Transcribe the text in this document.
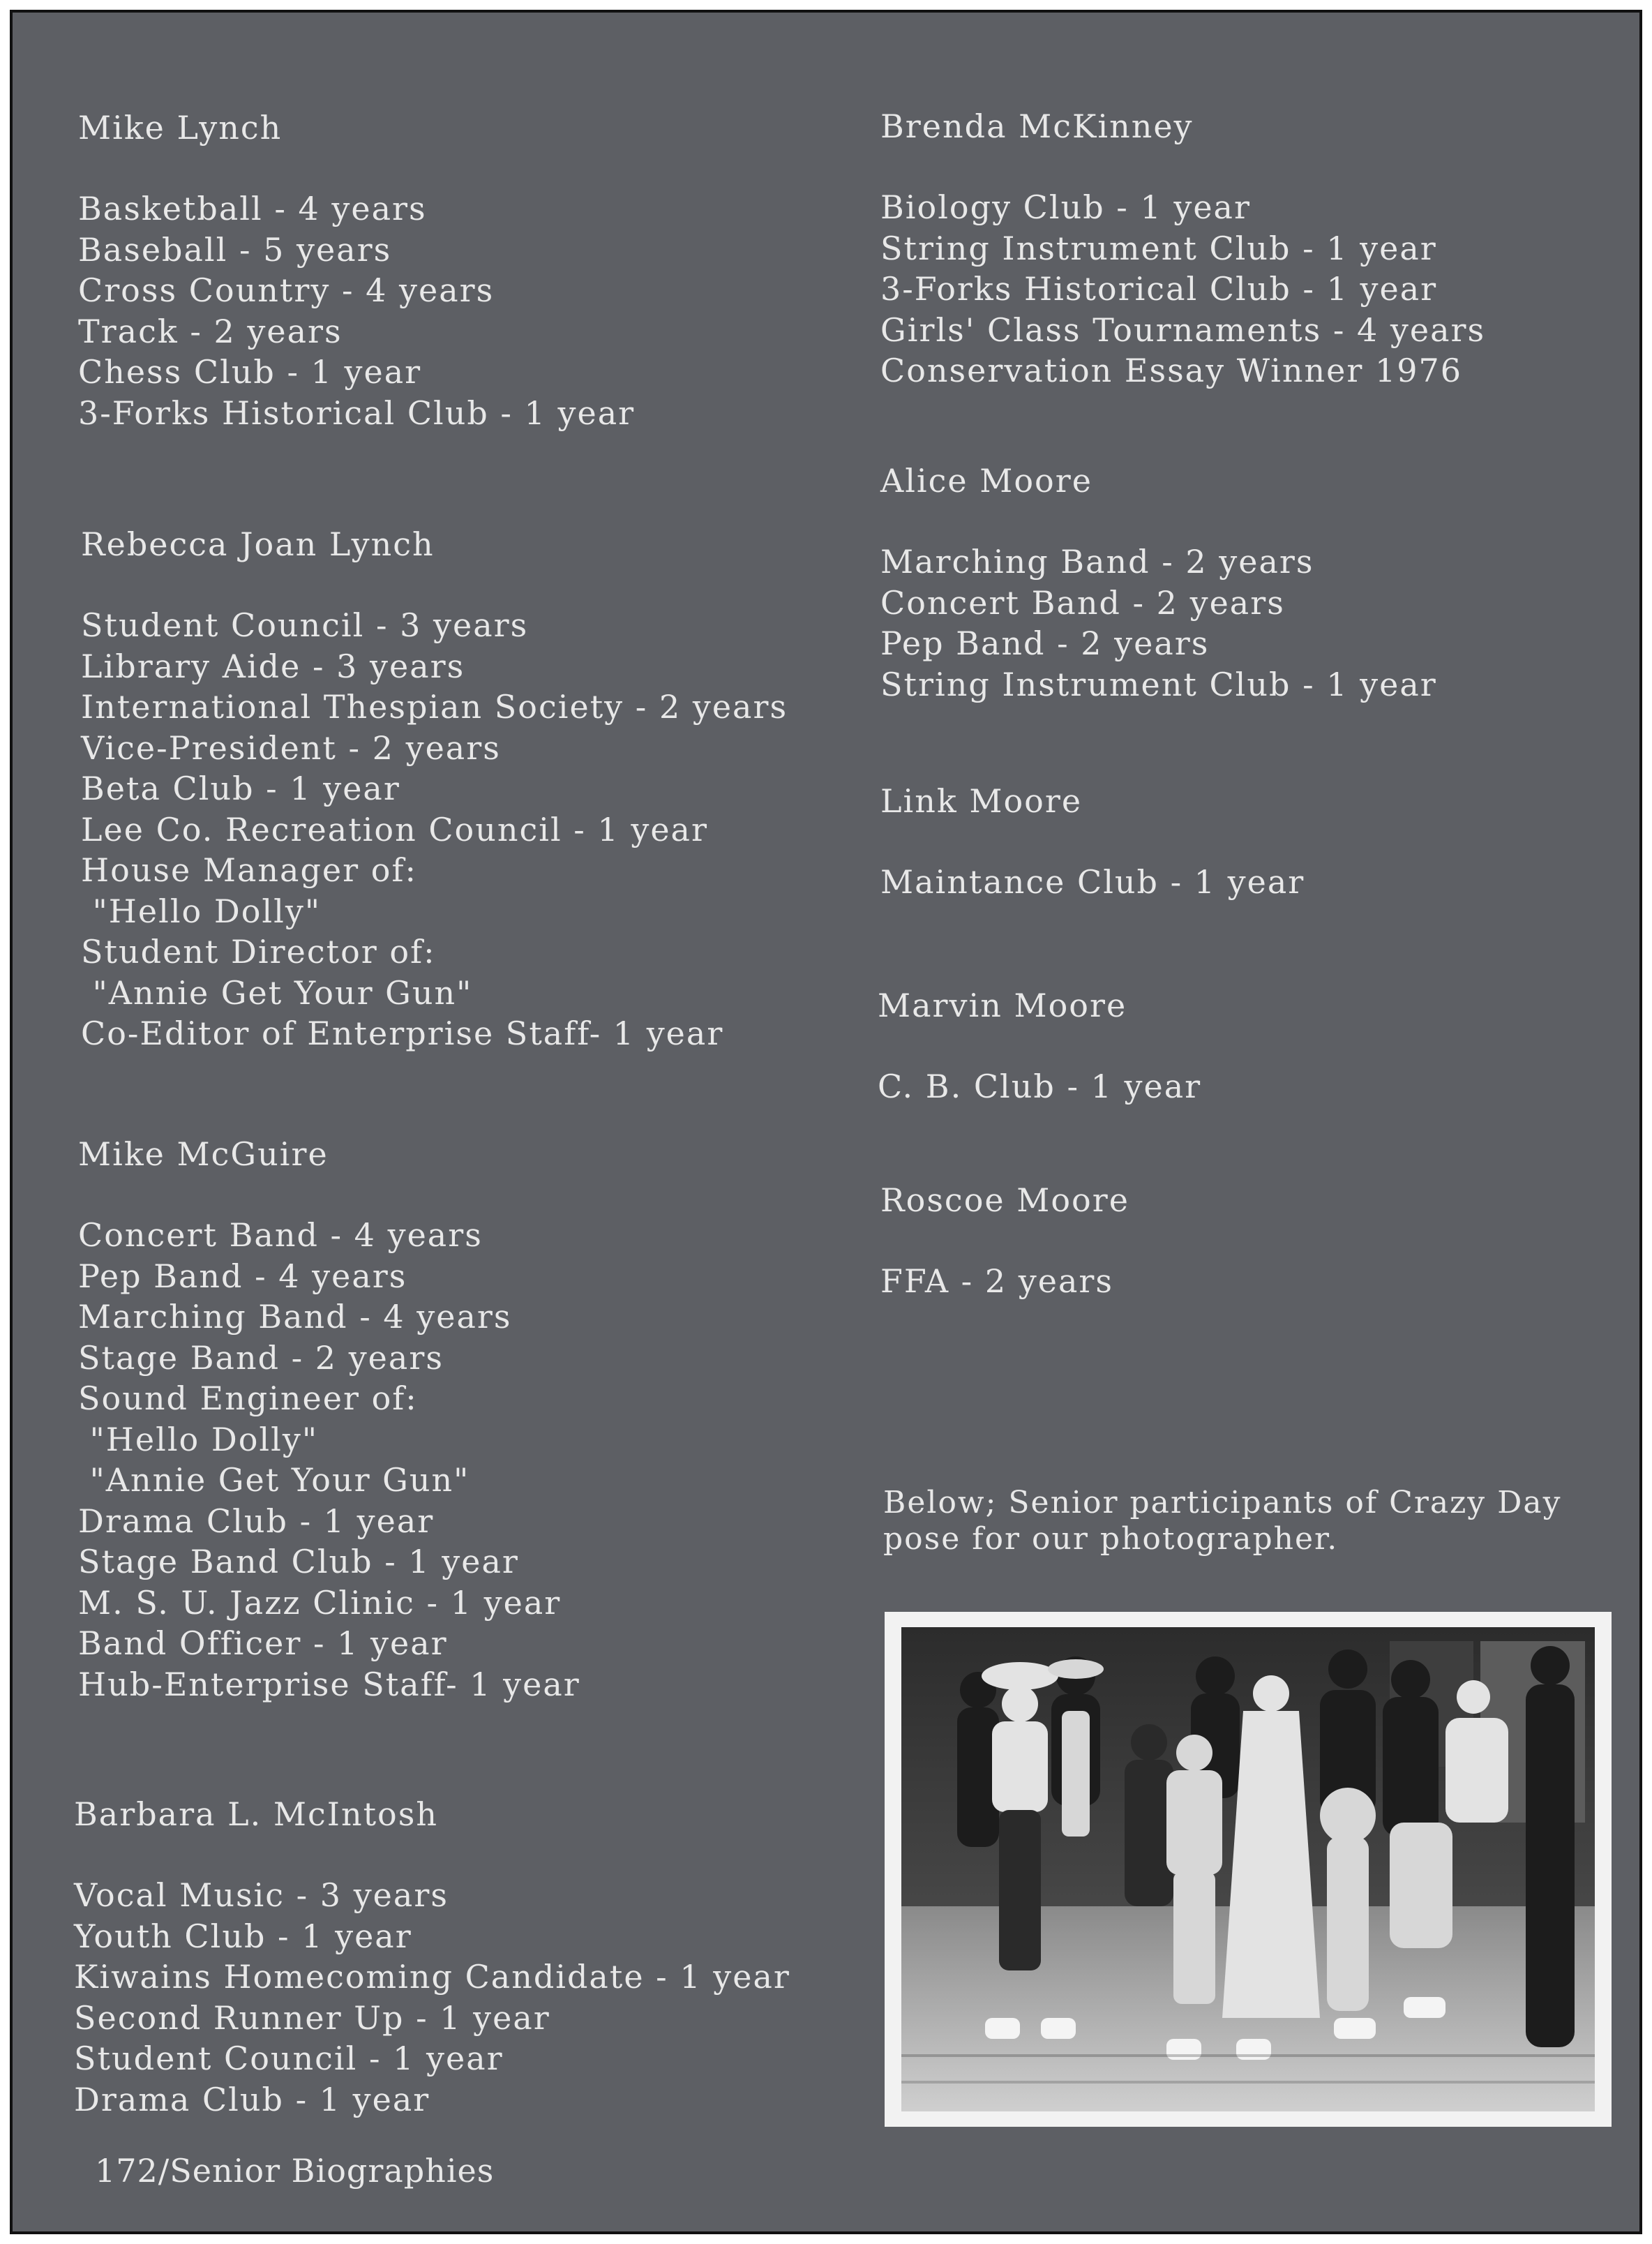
Mike Lynch
Basketball - 4 years
Baseball - 5 years
Cross Country - 4 years
Track - 2 years
Chess Club - 1 year
3-Forks Historical Club - 1 year
Rebecca Joan Lynch
Student Council - 3 years
Library Aide - 3 years
International Thespian Society - 2 years
Vice-President - 2 years
Beta Club - 1 year
Lee Co. Recreation Council - 1 year
House Manager of:
"Hello Dolly"
Student Director of:
"Annie Get Your Gun"
Co-Editor of Enterprise Staff- 1 year
Mike McGuire
Concert Band - 4 years
Pep Band - 4 years
Marching Band - 4 years
Stage Band - 2 years
Sound Engineer of:
"Hello Dolly"
"Annie Get Your Gun"
Drama Club - 1 year
Stage Band Club - 1 year
M. S. U. Jazz Clinic - 1 year
Band Officer - 1 year
Hub-Enterprise Staff- 1 year
Barbara L. McIntosh
Vocal Music - 3 years
Youth Club - 1 year
Kiwains Homecoming Candidate - 1 year
Second Runner Up - 1 year
Student Council - 1 year
Drama Club - 1 year
Brenda McKinney
Biology Club - 1 year
String Instrument Club - 1 year
3-Forks Historical Club - 1 year
Girls' Class Tournaments - 4 years
Conservation Essay Winner 1976
Alice Moore
Marching Band - 2 years
Concert Band - 2 years
Pep Band - 2 years
String Instrument Club - 1 year
Link Moore
Maintance Club - 1 year
Marvin Moore
C. B. Club - 1 year
Roscoe Moore
FFA - 2 years
Below; Senior participants of Crazy Day pose for our photographer.
172/Senior Biographies
